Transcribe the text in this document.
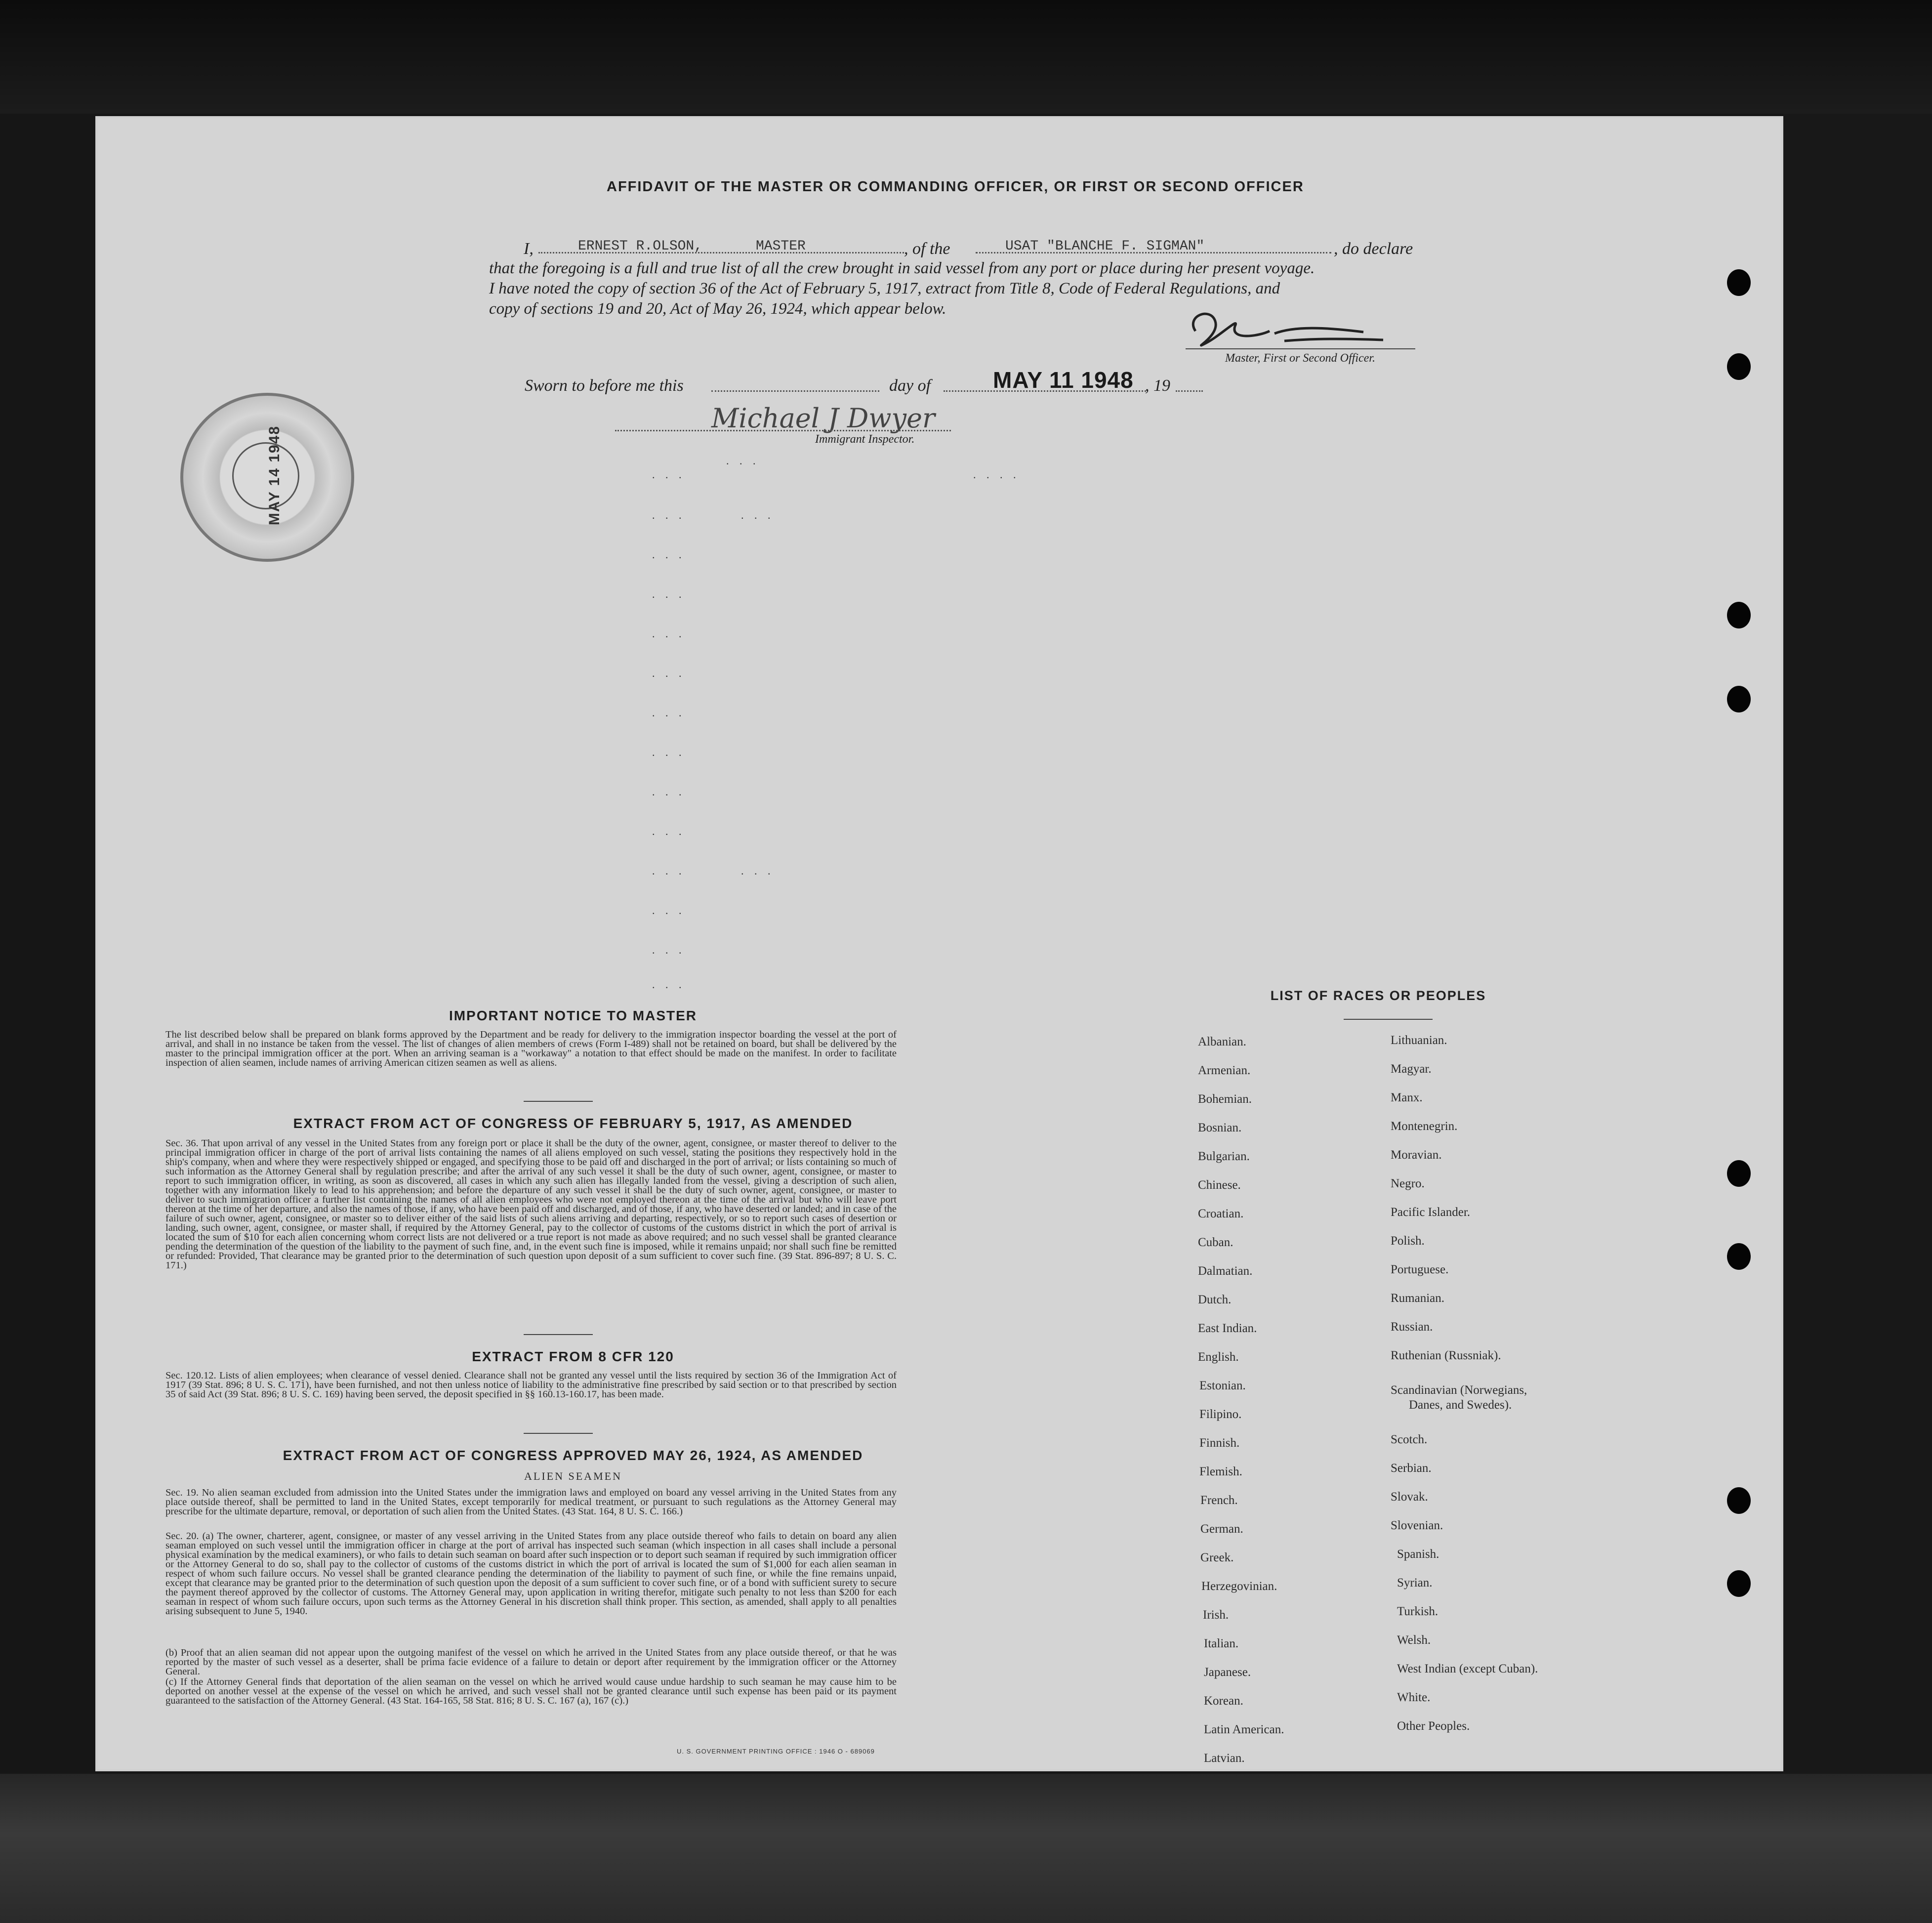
AFFIDAVIT OF THE MASTER OR COMMANDING OFFICER, OR FIRST OR SECOND OFFICER
I,	ERNEST R.OLSON,	MASTER	, of the	USAT "BLANCHE F. SIGMAN"	, do declare
that the foregoing is a full and true list of all the crew brought in said vessel from any port or place during her present voyage.
I have noted the copy of section 36 of the Act of February 5, 1917, extract from Title 8, Code of Federal Regulations, and
copy of sections 19 and 20, Act of May 26, 1924, which appear below.
Master, First or Second Officer.
Sworn to before me this	day of	MAY 11 1948 , 19
Michael J Dwyer
Immigrant Inspector.
MAY 14 1948	. . .
. . .
. . . .
. . .
. . .
. . .
. . .
. . .
. . .
. . .
. . .
. . .
. . .
. . .
. . .
. . .
. . .
. . .
IMPORTANT NOTICE TO MASTER
The list described below shall be prepared on blank forms approved by the Department and be ready for delivery to the immigration inspector boarding the vessel at the port of arrival, and shall in no instance be taken from the vessel. The list of changes of alien members of crews (Form I-489) shall not be retained on board, but shall be delivered by the master to the principal immigration officer at the port. When an arriving seaman is a "workaway" a notation to that effect should be made on the manifest. In order to facilitate inspection of alien seamen, include names of arriving American citizen seamen as well as aliens.
EXTRACT FROM ACT OF CONGRESS OF FEBRUARY 5, 1917, AS AMENDED
Sec. 36. That upon arrival of any vessel in the United States from any foreign port or place it shall be the duty of the owner, agent, consignee, or master thereof to deliver to the principal immigration officer in charge of the port of arrival lists containing the names of all aliens employed on such vessel, stating the positions they respectively hold in the ship's company, when and where they were respectively shipped or engaged, and specifying those to be paid off and discharged in the port of arrival; or lists containing so much of such information as the Attorney General shall by regulation prescribe; and after the arrival of any such vessel it shall be the duty of such owner, agent, consignee, or master to report to such immigration officer, in writing, as soon as discovered, all cases in which any such alien has illegally landed from the vessel, giving a description of such alien, together with any information likely to lead to his apprehension; and before the departure of any such vessel it shall be the duty of such owner, agent, consignee, or master to deliver to such immigration officer a further list containing the names of all alien employees who were not employed thereon at the time of the arrival but who will leave port thereon at the time of her departure, and also the names of those, if any, who have been paid off and discharged, and of those, if any, who have deserted or landed; and in case of the failure of such owner, agent, consignee, or master so to deliver either of the said lists of such aliens arriving and departing, respectively, or so to report such cases of desertion or landing, such owner, agent, consignee, or master shall, if required by the Attorney General, pay to the collector of customs of the customs district in which the port of arrival is located the sum of $10 for each alien concerning whom correct lists are not delivered or a true report is not made as above required; and no such vessel shall be granted clearance pending the determination of the question of the liability to the payment of such fine, and, in the event such fine is imposed, while it remains unpaid; nor shall such fine be remitted or refunded: Provided, That clearance may be granted prior to the determination of such question upon deposit of a sum sufficient to cover such fine. (39 Stat. 896-897; 8 U. S. C. 171.)
EXTRACT FROM 8 CFR 120
Sec. 120.12. Lists of alien employees; when clearance of vessel denied. Clearance shall not be granted any vessel until the lists required by section 36 of the Immigration Act of 1917 (39 Stat. 896; 8 U. S. C. 171), have been furnished, and not then unless notice of liability to the administrative fine prescribed by said section or to that prescribed by section 35 of said Act (39 Stat. 896; 8 U. S. C. 169) having been served, the deposit specified in §§ 160.13-160.17, has been made.
EXTRACT FROM ACT OF CONGRESS APPROVED MAY 26, 1924, AS AMENDED
ALIEN SEAMEN
Sec. 19. No alien seaman excluded from admission into the United States under the immigration laws and employed on board any vessel arriving in the United States from any place outside thereof, shall be permitted to land in the United States, except temporarily for medical treatment, or pursuant to such regulations as the Attorney General may prescribe for the ultimate departure, removal, or deportation of such alien from the United States. (43 Stat. 164, 8 U. S. C. 166.)
Sec. 20. (a) The owner, charterer, agent, consignee, or master of any vessel arriving in the United States from any place outside thereof who fails to detain on board any alien seaman employed on such vessel until the immigration officer in charge at the port of arrival has inspected such seaman (which inspection in all cases shall include a personal physical examination by the medical examiners), or who fails to detain such seaman on board after such inspection or to deport such seaman if required by such immigration officer or the Attorney General to do so, shall pay to the collector of customs of the customs district in which the port of arrival is located the sum of $1,000 for each alien seaman in respect of whom such failure occurs. No vessel shall be granted clearance pending the determination of the liability to payment of such fine, or while the fine remains unpaid, except that clearance may be granted prior to the determination of such question upon the deposit of a sum sufficient to cover such fine, or of a bond with sufficient surety to secure the payment thereof approved by the collector of customs. The Attorney General may, upon application in writing therefor, mitigate such penalty to not less than $200 for each seaman in respect of whom such failure occurs, upon such terms as the Attorney General in his discretion shall think proper. This section, as amended, shall apply to all penalties arising subsequent to June 5, 1940.
(b) Proof that an alien seaman did not appear upon the outgoing manifest of the vessel on which he arrived in the United States from any place outside thereof, or that he was reported by the master of such vessel as a deserter, shall be prima facie evidence of a failure to detain or deport after requirement by the immigration officer or the Attorney General.
(c) If the Attorney General finds that deportation of the alien seaman on the vessel on which he arrived would cause undue hardship to such seaman he may cause him to be deported on another vessel at the expense of the vessel on which he arrived, and such vessel shall not be granted clearance until such expense has been paid or its payment guaranteed to the satisfaction of the Attorney General. (43 Stat. 164-165, 58 Stat. 816; 8 U. S. C. 167 (a), 167 (c).)
U. S. GOVERNMENT PRINTING OFFICE : 1946 O - 689069
LIST OF RACES OR PEOPLES
Albanian.
Armenian.
Bohemian.
Bosnian.
Bulgarian.
Chinese.
Croatian.
Cuban.
Dalmatian.
Dutch.
East Indian.
English.
Estonian.
Filipino.
Finnish.
Flemish.
French.
German.
Greek.
Herzegovinian.
Irish.
Italian.
Japanese.
Korean.
Latin American.
Latvian.
Lithuanian.
Magyar.
Manx.
Montenegrin.
Moravian.
Negro.
Pacific Islander.
Polish.
Portuguese.
Rumanian.
Russian.
Ruthenian (Russniak).
Scandinavian (Norwegians,
Danes, and Swedes).
Scotch.
Serbian.
Slovak.
Slovenian.
Spanish.
Syrian.
Turkish.
Welsh.
West Indian (except Cuban).
White.
Other Peoples.
